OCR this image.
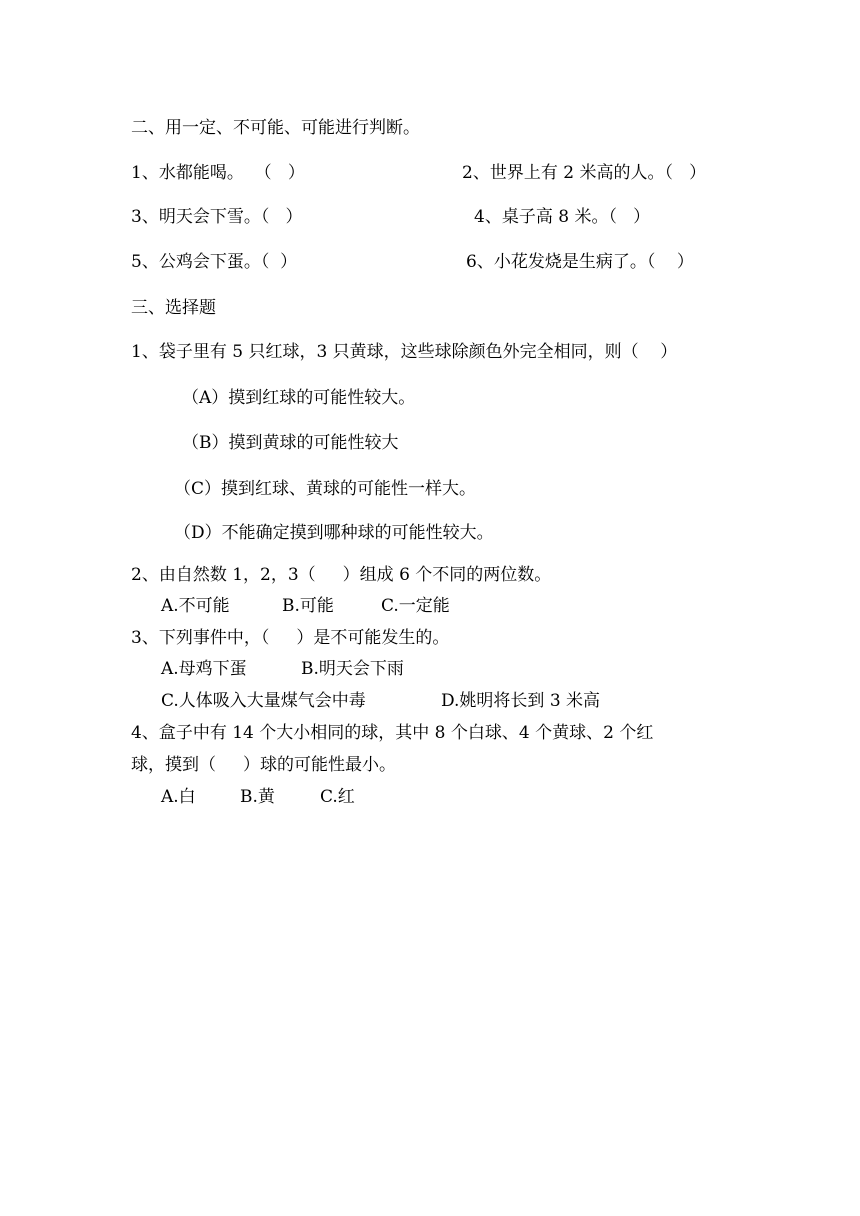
二、用一定、不可能、可能进行判断。
1、水都能喝。  （   ）	2、世界上有 2 米高的人。（   ）
3、明天会下雪。（   ）	4、桌子高 8 米。（   ）
5、公鸡会下蛋。（  ）	6、小花发烧是生病了。（    ）
三、选择题
1、袋子里有 5 只红球，3 只黄球，这些球除颜色外完全相同，则（    ）
（A）摸到红球的可能性较大。
（B）摸到黄球的可能性较大
（C）摸到红球、黄球的可能性一样大。
（D）不能确定摸到哪种球的可能性较大。
2、由自然数 1，2，3（     ）组成 6 个不同的两位数。
A.不可能	B.可能	C.一定能
3、下列事件中，（     ）是不可能发生的。
A.母鸡下蛋	B.明天会下雨
C.人体吸入大量煤气会中毒	D.姚明将长到 3 米高
4、盒子中有 14 个大小相同的球，其中 8 个白球、4 个黄球、2 个红
球，摸到（     ）球的可能性最小。
A.白	B.黄	C.红
